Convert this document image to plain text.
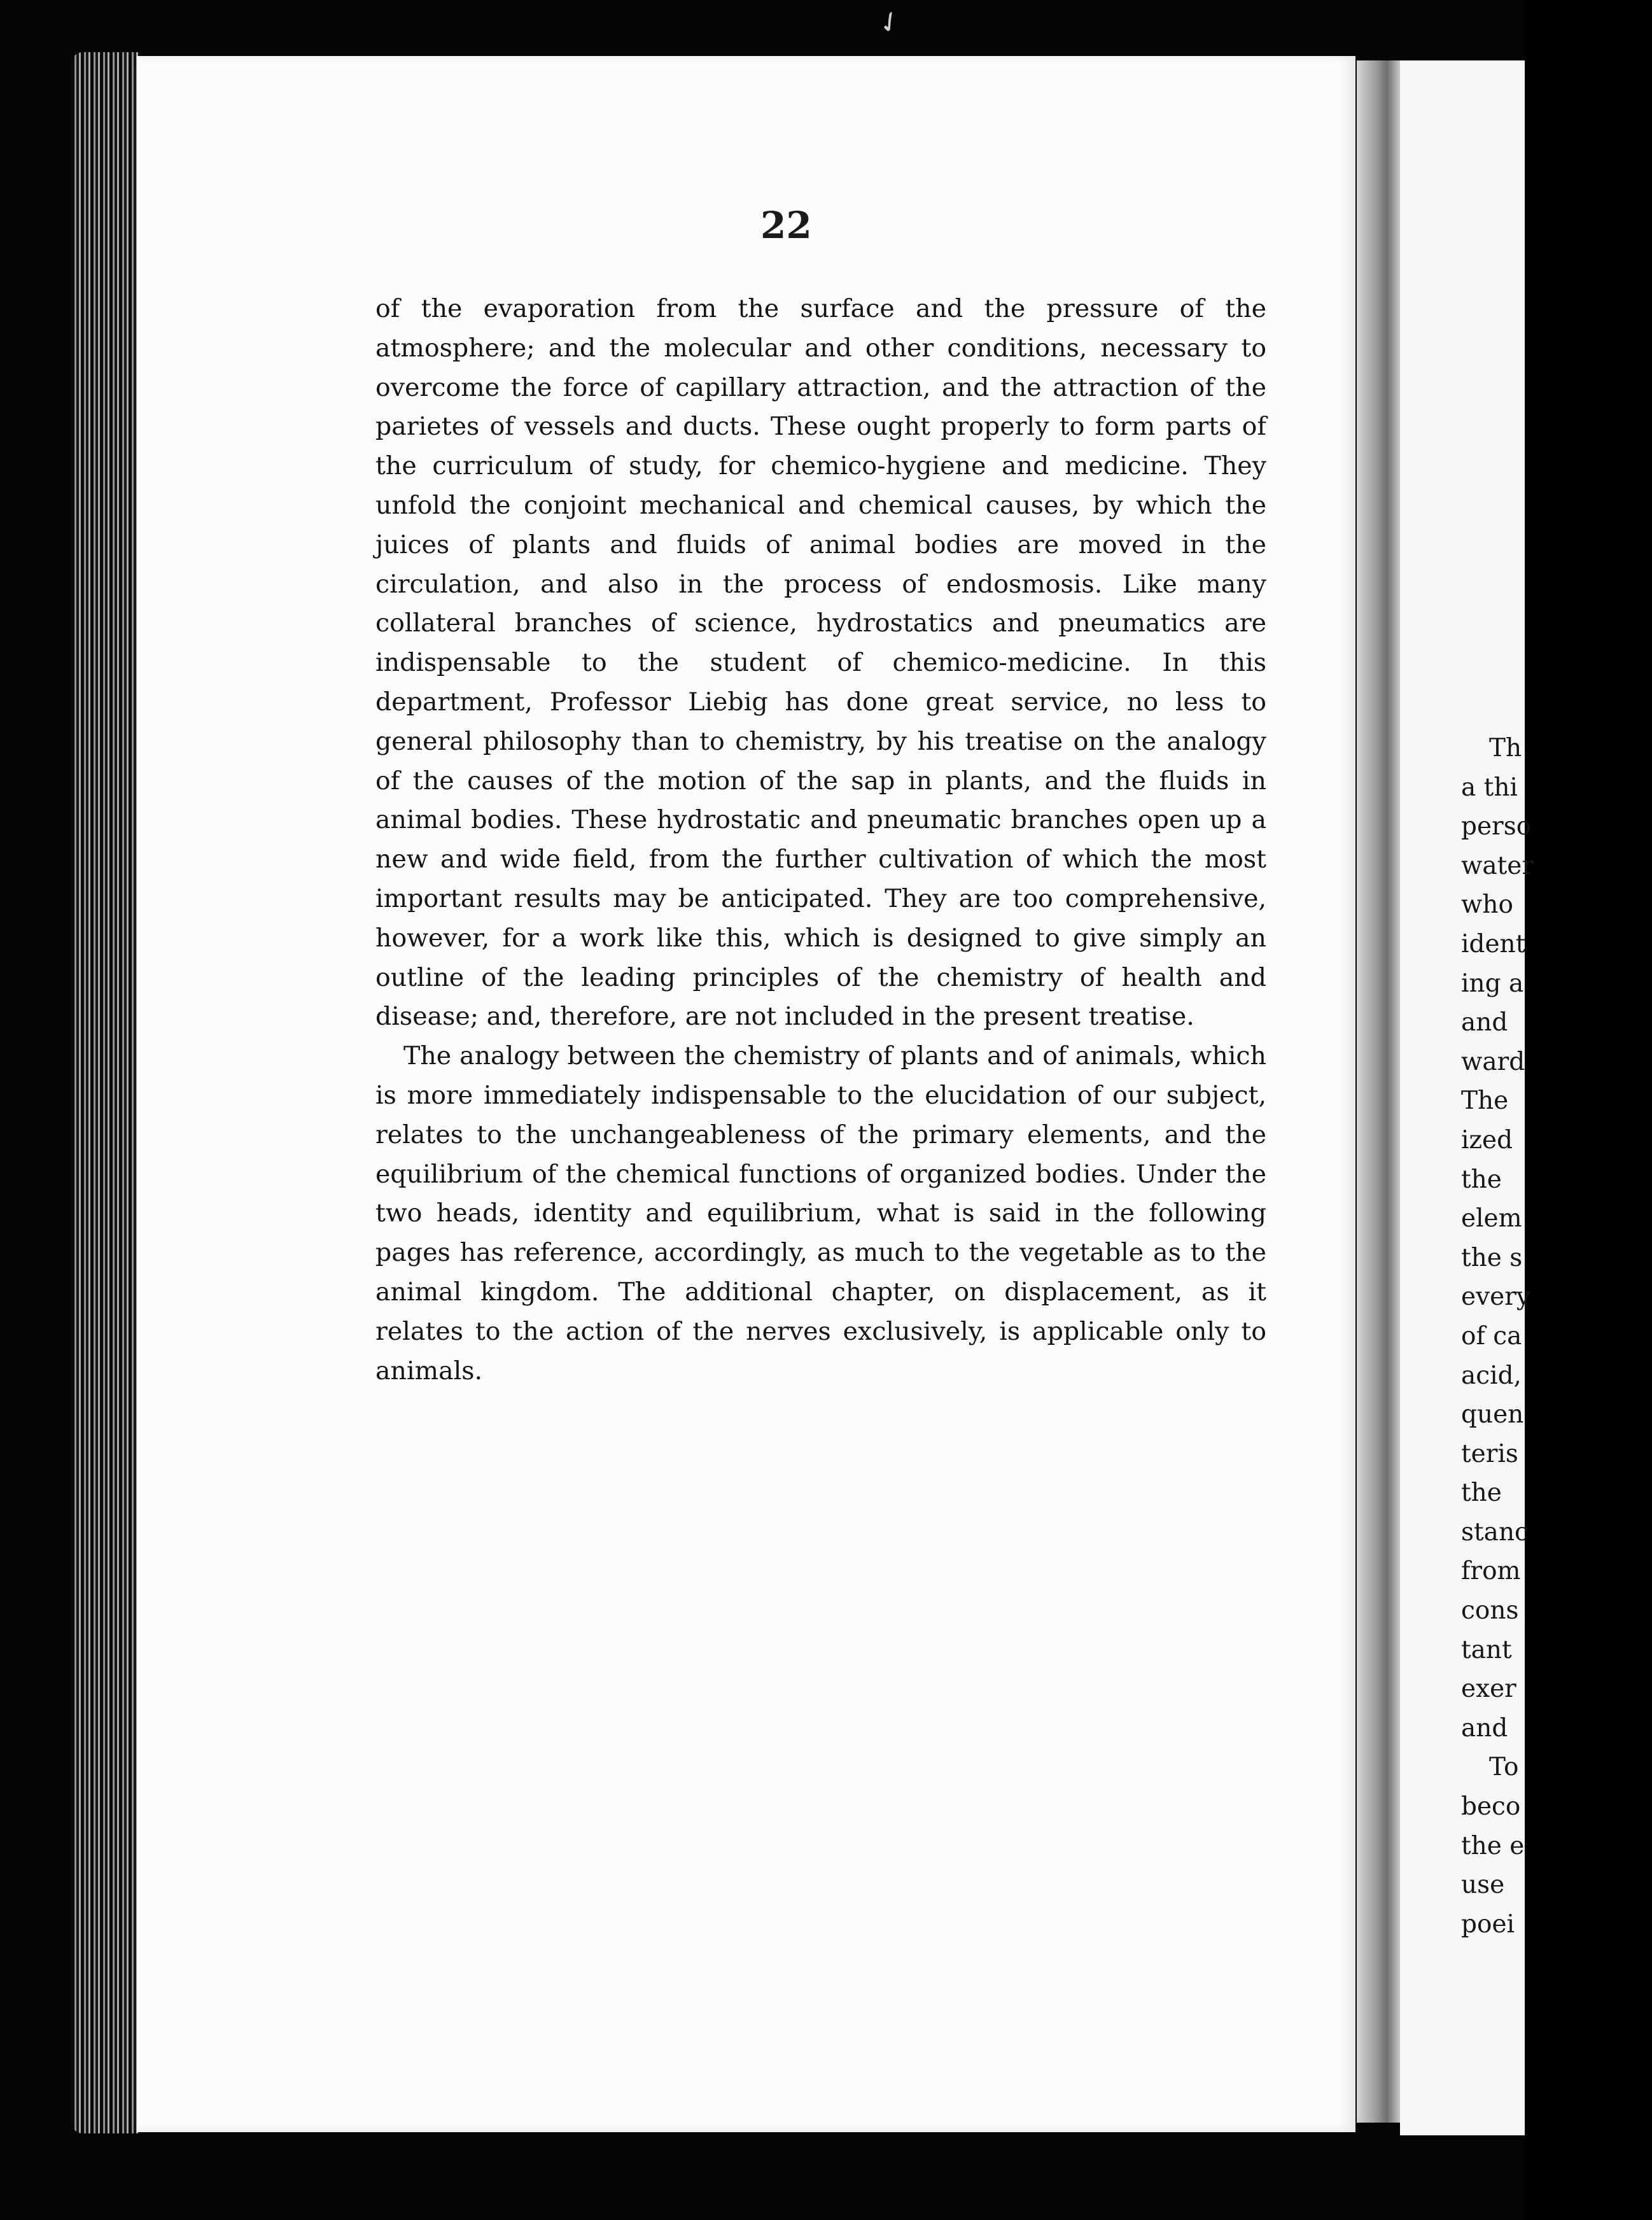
✓
22

of the evaporation from the surface and the pressure of the atmosphere; and the molecular and other conditions, necessary to overcome the force of capillary attraction, and the attraction of the parietes of vessels and ducts. These ought properly to form parts of the curriculum of study, for chemico-hygiene and medicine. They unfold the conjoint mechanical and chemical causes, by which the juices of plants and fluids of animal bodies are moved in the circulation, and also in the process of endosmosis. Like many collateral branches of science, hydrostatics and pneumatics are indispensable to the student of chemico-medicine. In this department, Professor Liebig has done great service, no less to general philosophy than to chemistry, by his treatise on the analogy of the causes of the motion of the sap in plants, and the fluids in animal bodies. These hydrostatic and pneumatic branches open up a new and wide field, from the further cultivation of which the most important results may be anticipated. They are too comprehensive, however, for a work like this, which is designed to give simply an outline of the leading principles of the chemistry of health and disease; and, therefore, are not included in the present treatise.

The analogy between the chemistry of plants and of animals, which is more immediately indispensable to the elucidation of our subject, relates to the unchangeableness of the primary elements, and the equilibrium of the chemical functions of organized bodies. Under the two heads, identity and equilibrium, what is said in the following pages has reference, accordingly, as much to the vegetable as to the animal kingdom. The additional chapter, on displacement, as it relates to the action of the nerves exclusively, is applicable only to animals.

Th
a thi
perso
water
who
ident
ing a
and
ward
The
ized
the
elem
the s
every
of ca
acid,
quen
teris
the
stanc
from
cons
tant
exer
and
To
beco
the e
use
poei
